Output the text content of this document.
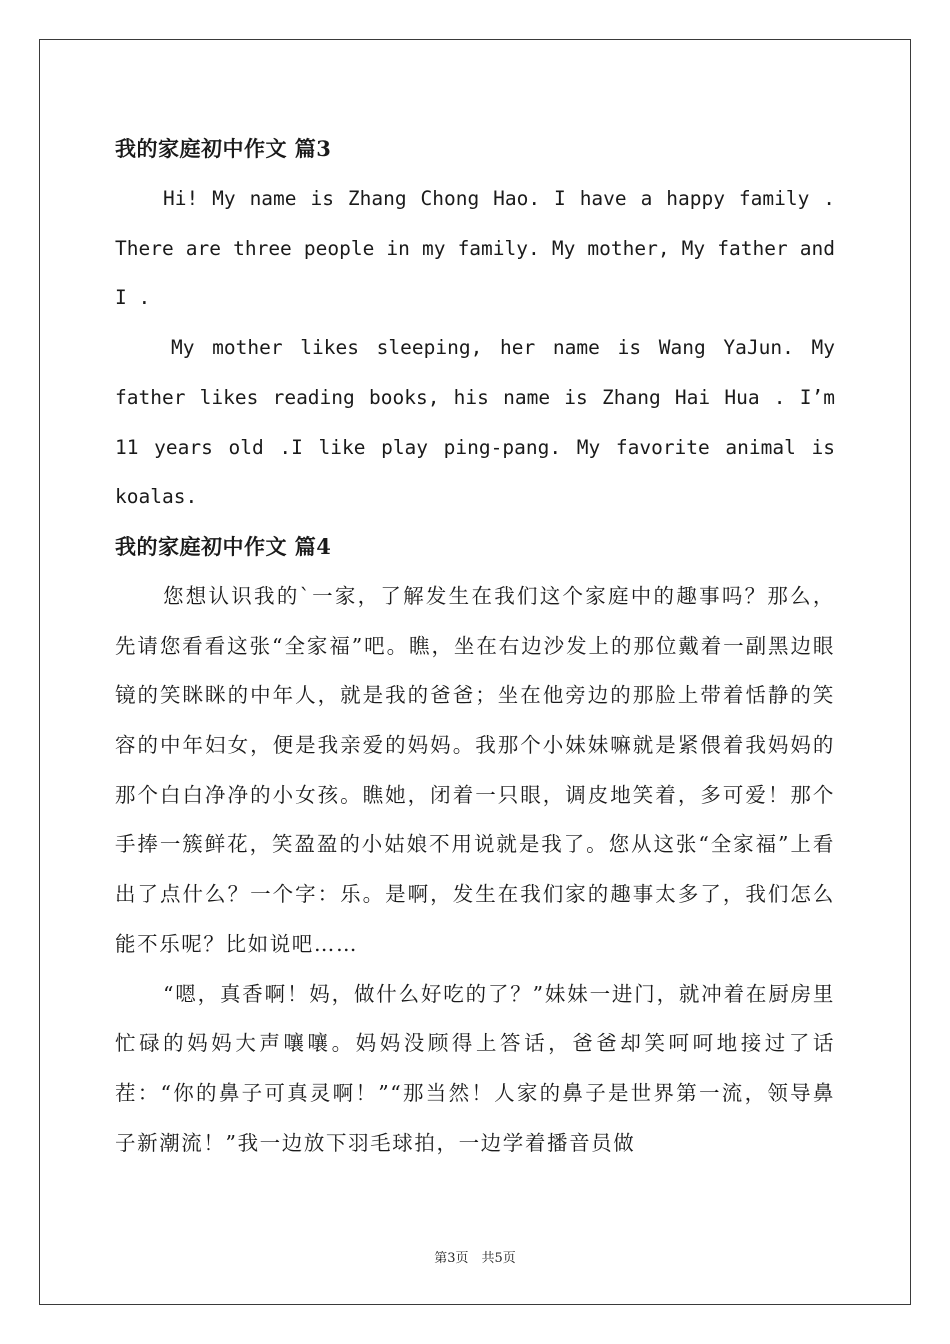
我的家庭初中作文 篇3

Hi! My name is Zhang Chong Hao. I have a happy family . There are three people in my family. My mother, My father and I .

My mother likes sleeping, her name is Wang YaJun. My father likes reading books, his name is Zhang Hai Hua . I’m 11 years old .I like play ping-pang. My favorite animal is koalas.

我的家庭初中作文 篇4

您想认识我的`一家，了解发生在我们这个家庭中的趣事吗？那么，先请您看看这张“全家福”吧。瞧，坐在右边沙发上的那位戴着一副黑边眼镜的笑眯眯的中年人，就是我的爸爸；坐在他旁边的那脸上带着恬静的笑容的中年妇女，便是我亲爱的妈妈。我那个小妹妹嘛就是紧偎着我妈妈的那个白白净净的小女孩。瞧她，闭着一只眼，调皮地笑着，多可爱！那个手捧一簇鲜花，笑盈盈的小姑娘不用说就是我了。您从这张“全家福”上看出了点什么？一个字：乐。是啊，发生在我们家的趣事太多了，我们怎么能不乐呢？比如说吧……

“嗯，真香啊！妈，做什么好吃的了？”妹妹一进门，就冲着在厨房里忙碌的妈妈大声嚷嚷。妈妈没顾得上答话，爸爸却笑呵呵地接过了话茬：“你的鼻子可真灵啊！”“那当然！人家的鼻子是世界第一流，领导鼻子新潮流！”我一边放下羽毛球拍，一边学着播音员做

第3页　共5页
